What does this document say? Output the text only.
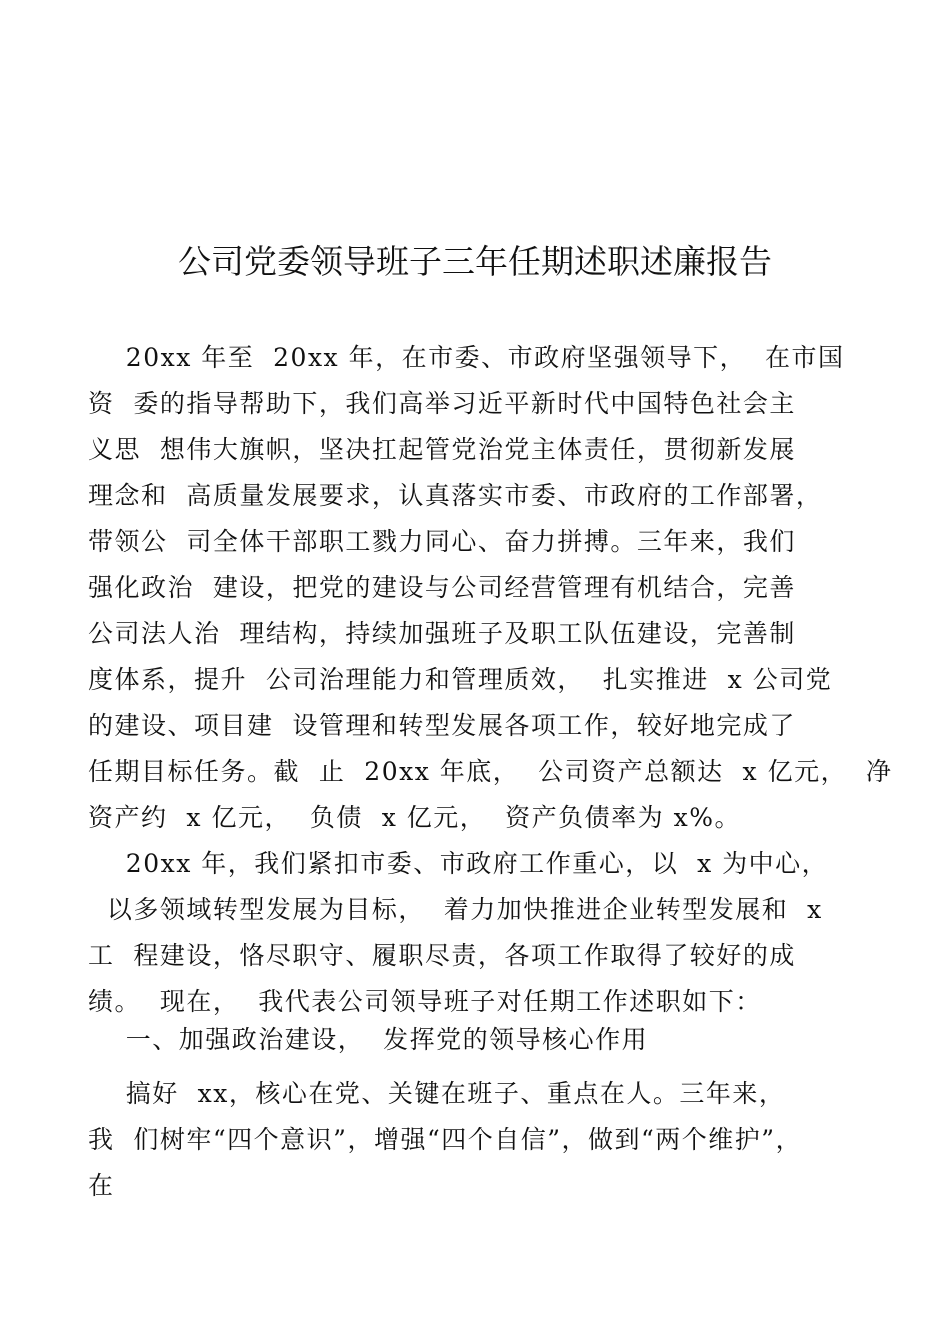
公司党委领导班子三年任期述职述廉报告
20xx 年至  20xx 年，在市委、市政府坚强领导下，  在市国
资  委的指导帮助下，我们高举习近平新时代中国特色社会主
义思  想伟大旗帜，坚决扛起管党治党主体责任，贯彻新发展
理念和  高质量发展要求，认真落实市委、市政府的工作部署，
带领公  司全体干部职工戮力同心、奋力拼搏。三年来，我们
强化政治  建设，把党的建设与公司经营管理有机结合，完善
公司法人治  理结构，持续加强班子及职工队伍建设，完善制
度体系，提升  公司治理能力和管理质效，  扎实推进  x 公司党
的建设、项目建  设管理和转型发展各项工作，较好地完成了
任期目标任务。截  止  20xx 年底，  公司资产总额达  x 亿元，  净
资产约  x 亿元，  负债  x 亿元，  资产负债率为 x%。
20xx 年，我们紧扣市委、市政府工作重心，以  x 为中心，
以多领域转型发展为目标，  着力加快推进企业转型发展和  x
工  程建设，恪尽职守、履职尽责，各项工作取得了较好的成
绩。  现在，  我代表公司领导班子对任期工作述职如下：
一、加强政治建设，  发挥党的领导核心作用
搞好  xx，核心在党、关键在班子、重点在人。三年来，
我  们树牢“四个意识”，增强“四个自信”，做到“两个维护”，
在
